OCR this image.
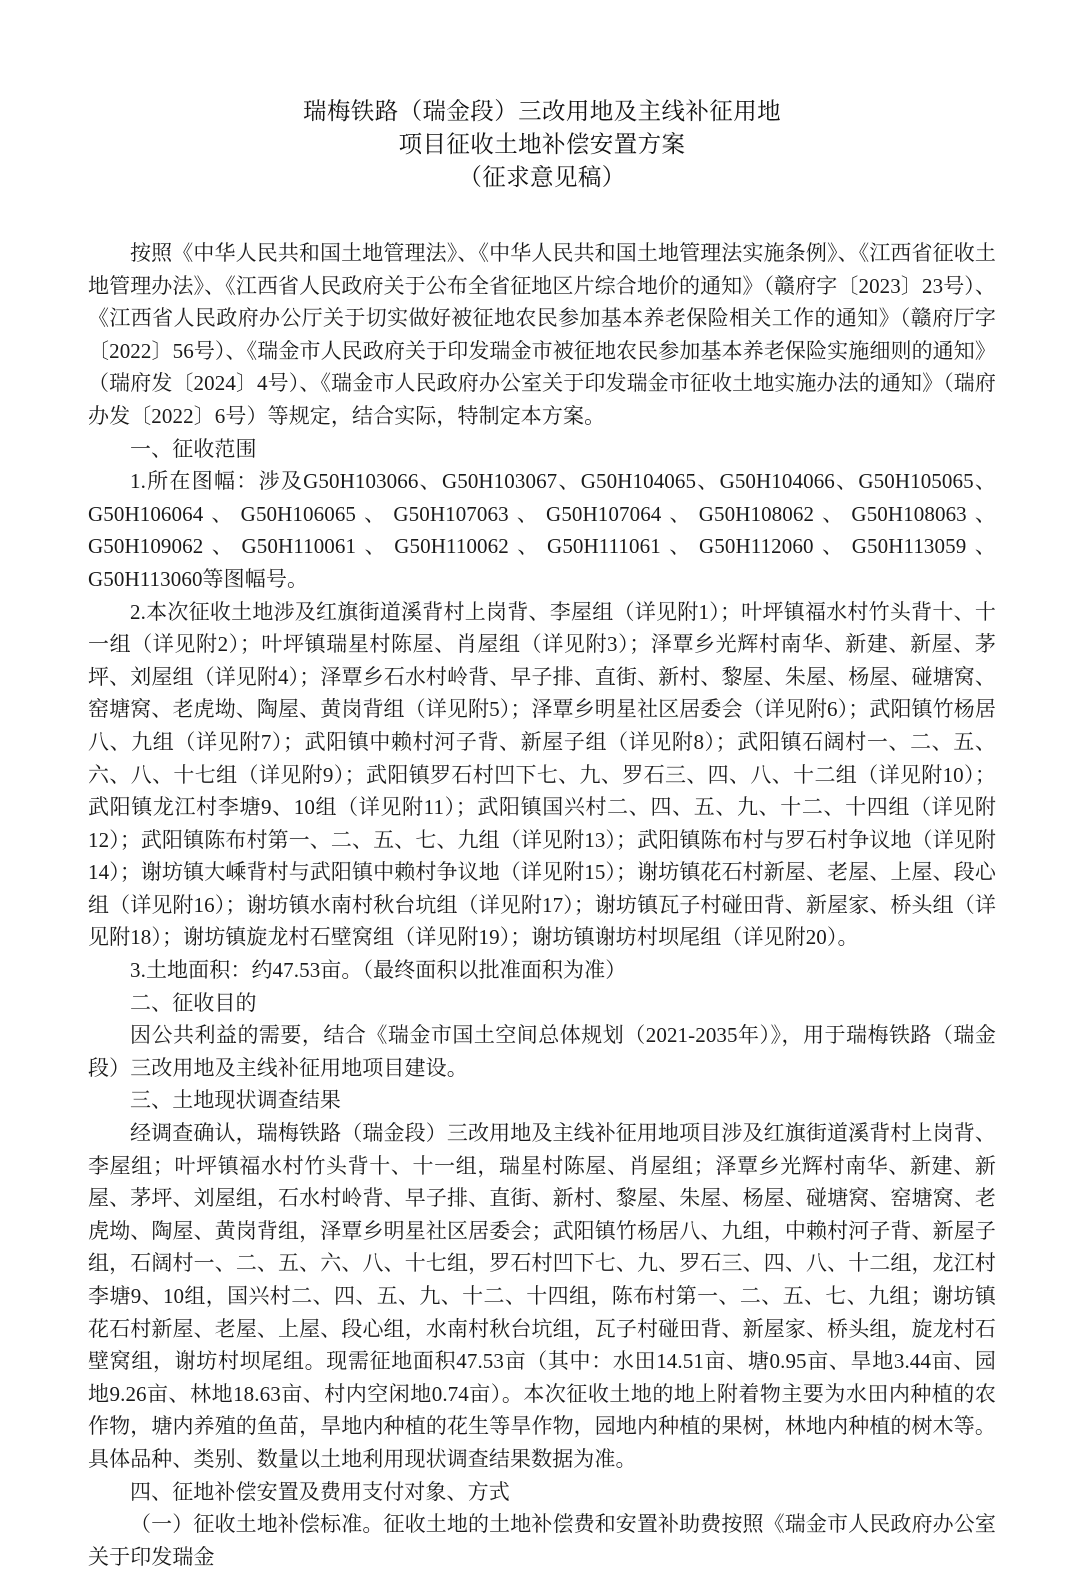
瑞梅铁路（瑞金段）三改用地及主线补征用地
项目征收土地补偿安置方案
（征求意见稿）

按照《中华人民共和国土地管理法》、《中华人民共和国土地管理法实施条例》、《江西省征收土地管理办法》、《江西省人民政府关于公布全省征地区片综合地价的通知》（赣府字〔2023〕23号）、《江西省人民政府办公厅关于切实做好被征地农民参加基本养老保险相关工作的通知》（赣府厅字〔2022〕56号）、《瑞金市人民政府关于印发瑞金市被征地农民参加基本养老保险实施细则的通知》（瑞府发〔2024〕4号）、《瑞金市人民政府办公室关于印发瑞金市征收土地实施办法的通知》（瑞府办发〔2022〕6号）等规定，结合实际，特制定本方案。

一、征收范围

1.所在图幅：涉及G50H103066、G50H103067、G50H104065、G50H104066、G50H105065、G50H106064、G50H106065、G50H107063、G50H107064、G50H108062、G50H108063、G50H109062、G50H110061、G50H110062、G50H111061、G50H112060、G50H113059、G50H113060等图幅号。

2.本次征收土地涉及红旗街道溪背村上岗背、李屋组（详见附1）；叶坪镇福水村竹头背十、十一组（详见附2）；叶坪镇瑞星村陈屋、肖屋组（详见附3）；泽覃乡光辉村南华、新建、新屋、茅坪、刘屋组（详见附4）；泽覃乡石水村岭背、早子排、直街、新村、黎屋、朱屋、杨屋、碰塘窝、窑塘窝、老虎坳、陶屋、黄岗背组（详见附5）；泽覃乡明星社区居委会（详见附6）；武阳镇竹杨居八、九组（详见附7）；武阳镇中赖村河子背、新屋子组（详见附8）；武阳镇石阔村一、二、五、六、八、十七组（详见附9）；武阳镇罗石村凹下七、九、罗石三、四、八、十二组（详见附10）；武阳镇龙江村李塘9、10组（详见附11）；武阳镇国兴村二、四、五、九、十二、十四组（详见附12）；武阳镇陈布村第一、二、五、七、九组（详见附13）；武阳镇陈布村与罗石村争议地（详见附14）；谢坊镇大嵊背村与武阳镇中赖村争议地（详见附15）；谢坊镇花石村新屋、老屋、上屋、段心组（详见附16）；谢坊镇水南村秋台坑组（详见附17）；谢坊镇瓦子村碰田背、新屋家、桥头组（详见附18）；谢坊镇旋龙村石壁窝组（详见附19）；谢坊镇谢坊村坝尾组（详见附20）。

3.土地面积：约47.53亩。（最终面积以批准面积为准）

二、征收目的

因公共利益的需要，结合《瑞金市国土空间总体规划（2021-2035年）》，用于瑞梅铁路（瑞金段）三改用地及主线补征用地项目建设。

三、土地现状调查结果

经调查确认，瑞梅铁路（瑞金段）三改用地及主线补征用地项目涉及红旗街道溪背村上岗背、李屋组；叶坪镇福水村竹头背十、十一组，瑞星村陈屋、肖屋组；泽覃乡光辉村南华、新建、新屋、茅坪、刘屋组，石水村岭背、早子排、直街、新村、黎屋、朱屋、杨屋、碰塘窝、窑塘窝、老虎坳、陶屋、黄岗背组，泽覃乡明星社区居委会；武阳镇竹杨居八、九组，中赖村河子背、新屋子组，石阔村一、二、五、六、八、十七组，罗石村凹下七、九、罗石三、四、八、十二组，龙江村李塘9、10组，国兴村二、四、五、九、十二、十四组，陈布村第一、二、五、七、九组；谢坊镇花石村新屋、老屋、上屋、段心组，水南村秋台坑组，瓦子村碰田背、新屋家、桥头组，旋龙村石壁窝组，谢坊村坝尾组。现需征地面积47.53亩（其中：水田14.51亩、塘0.95亩、旱地3.44亩、园地9.26亩、林地18.63亩、村内空闲地0.74亩）。本次征收土地的地上附着物主要为水田内种植的农作物，塘内养殖的鱼苗，旱地内种植的花生等旱作物，园地内种植的果树，林地内种植的树木等。具体品种、类别、数量以土地利用现状调查结果数据为准。

四、征地补偿安置及费用支付对象、方式

（一）征收土地补偿标准。征收土地的土地补偿费和安置补助费按照《瑞金市人民政府办公室关于印发瑞金
